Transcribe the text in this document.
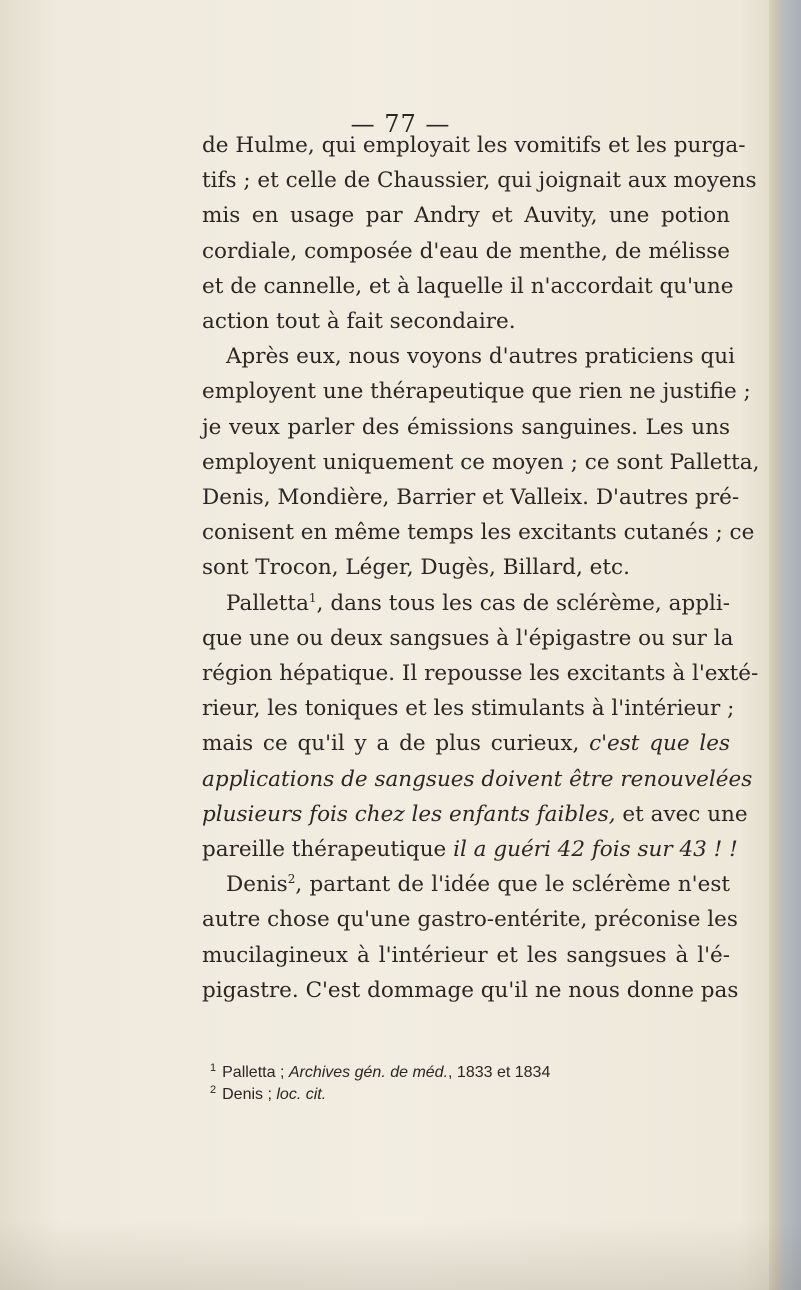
— 77 —
de Hulme, qui employait les vomitifs et les purga-
tifs ; et celle de Chaussier, qui joignait aux moyens
mis en usage par Andry et Auvity, une potion
cordiale, composée d'eau de menthe, de mélisse
et de cannelle, et à laquelle il n'accordait qu'une
action tout à fait secondaire.
Après eux, nous voyons d'autres praticiens qui
employent une thérapeutique que rien ne justifie ;
je veux parler des émissions sanguines. Les uns
employent uniquement ce moyen ; ce sont Palletta,
Denis, Mondière, Barrier et Valleix. D'autres pré-
conisent en même temps les excitants cutanés ; ce
sont Trocon, Léger, Dugès, Billard, etc.
Palletta$^1$, dans tous les cas de sclérème, appli-
que une ou deux sangsues à l'épigastre ou sur la
région hépatique. Il repousse les excitants à l'exté-
rieur, les toniques et les stimulants à l'intérieur ;
mais ce qu'il y a de plus curieux, c'est que les
applications de sangsues doivent être renouvelées
plusieurs fois chez les enfants faibles, et avec une
pareille thérapeutique il a guéri 42 fois sur 43 ! !
Denis$^2$, partant de l'idée que le sclérème n'est
autre chose qu'une gastro-entérite, préconise les
mucilagineux à l'intérieur et les sangsues à l'é-
pigastre. C'est dommage qu'il ne nous donne pas
$^1$ Palletta ; Archives gén. de méd., 1833 et 1834
$^2$ Denis ; loc. cit.
